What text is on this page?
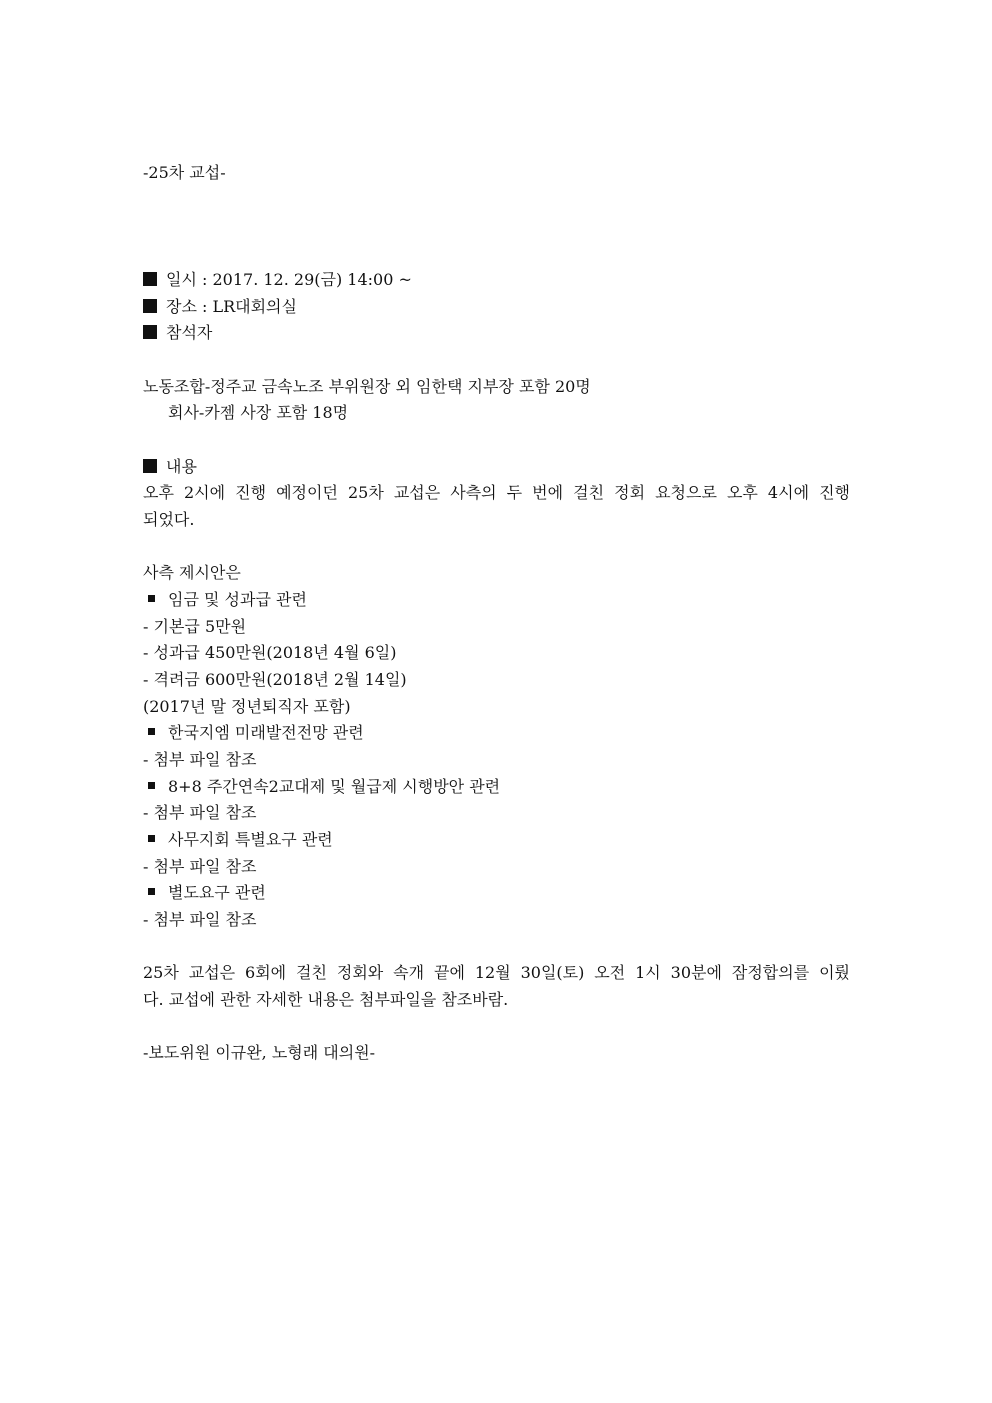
-25차 교섭-
일시 : 2017. 12. 29(금) 14:00 ~
장소 : LR대회의실
참석자
노동조합-정주교 금속노조 부위원장 외 임한택 지부장 포함 20명
회사-카젬 사장 포함 18명
내용
오후 2시에 진행 예정이던 25차 교섭은 사측의 두 번에 걸친 정회 요청으로 오후 4시에 진행
되었다.
사측 제시안은
임금 및 성과급 관련
- 기본급 5만원
- 성과급 450만원(2018년 4월 6일)
- 격려금 600만원(2018년 2월 14일)
(2017년 말 정년퇴직자 포함)
한국지엠 미래발전전망 관련
- 첨부 파일 참조
8+8 주간연속2교대제 및 월급제 시행방안 관련
- 첨부 파일 참조
사무지회 특별요구 관련
- 첨부 파일 참조
별도요구 관련
- 첨부 파일 참조
25차 교섭은 6회에 걸친 정회와 속개 끝에 12월 30일(토) 오전 1시 30분에 잠정합의를 이뤘
다. 교섭에 관한 자세한 내용은 첨부파일을 참조바람.
-보도위원 이규완, 노형래 대의원-
